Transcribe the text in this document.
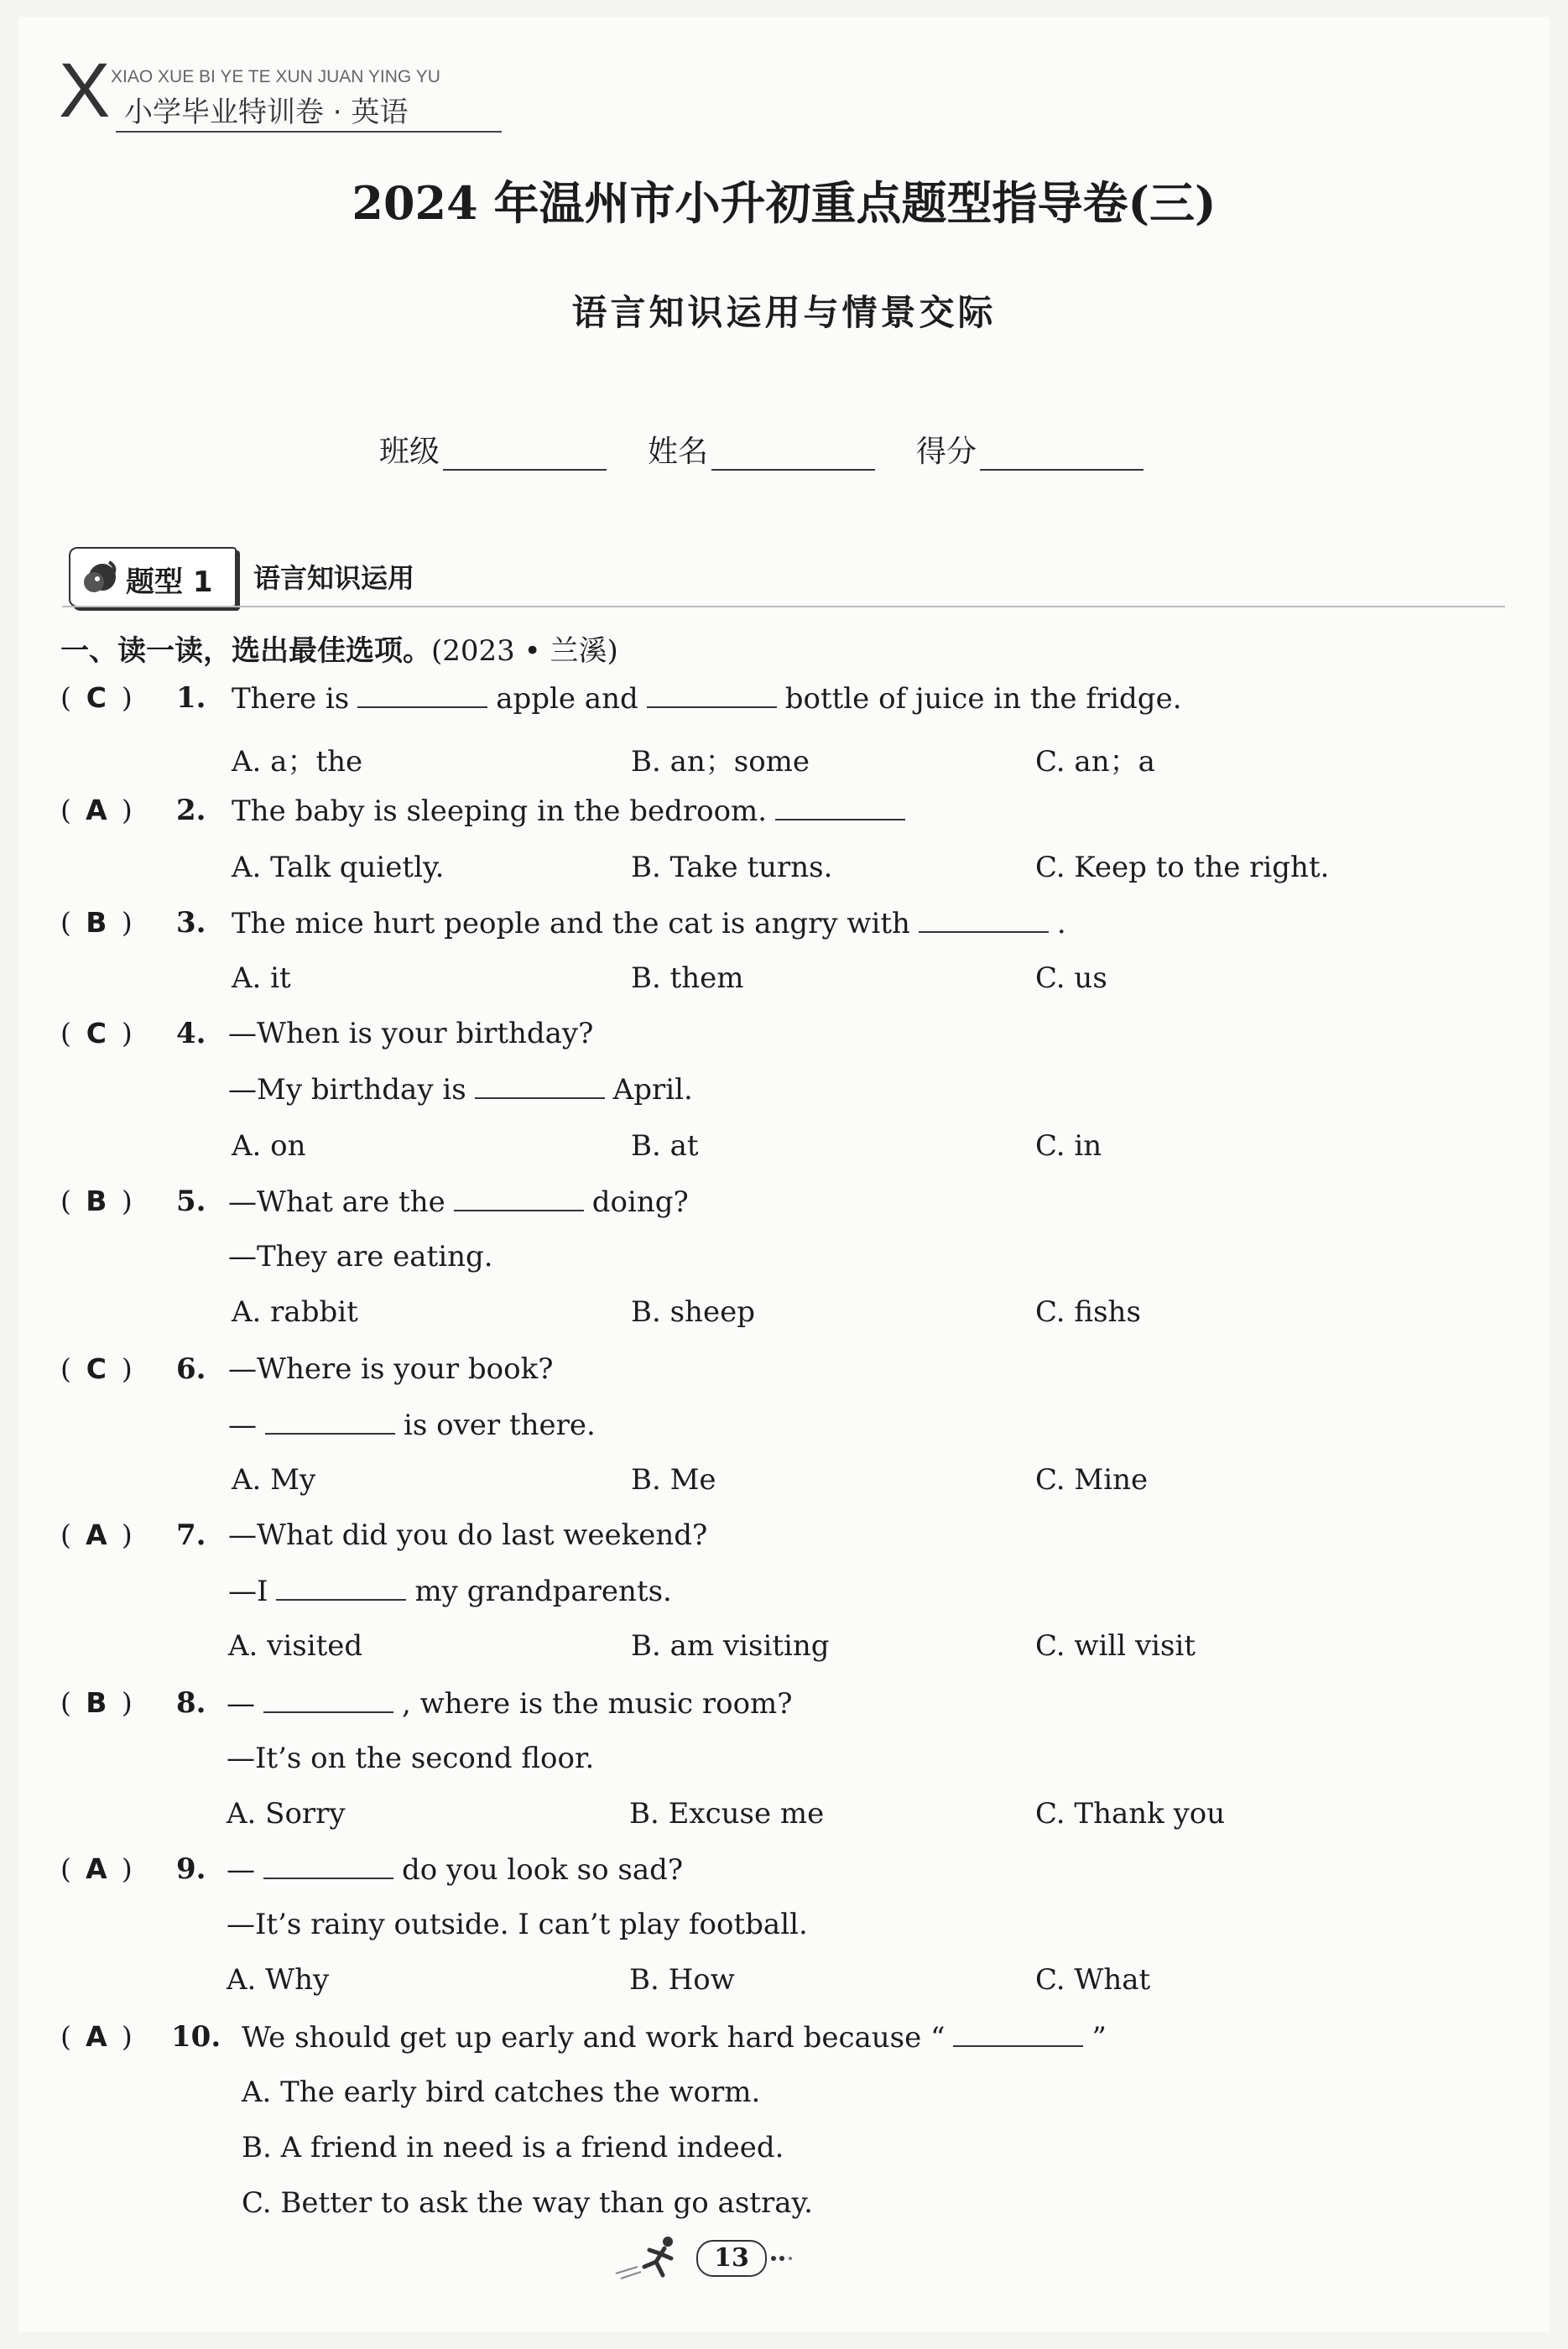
X XIAO XUE BI YE TE XUN JUAN YING YU
小学毕业特训卷 · 英语
2024 年温州市小升初重点题型指导卷(三)
语言知识运用与情景交际
班级	姓名	得分
题型 1 语言知识运用
一、读一读，选出最佳选项。(2023 • 兰溪)
( C ) 1. There is	apple and	bottle of juice in the fridge.
A. a；the	B. an；some	C. an；a
( A ) 2. The baby is sleeping in the bedroom.
A. Talk quietly.	B. Take turns.	C. Keep to the right.
( B ) 3. The mice hurt people and the cat is angry with	.
A. it	B. them	C. us
( C ) 4. —When is your birthday?
—My birthday is	April.
A. on	B. at	C. in
( B ) 5. —What are the	doing?
—They are eating.
A. rabbit	B. sheep	C. fishs
( C ) 6. —Where is your book?
—	is over there.
A. My	B. Me	C. Mine
( A ) 7. —What did you do last weekend?
—I	my grandparents.
A. visited	B. am visiting	C. will visit
( B ) 8. —	, where is the music room?
—It’s on the second floor.
A. Sorry	B. Excuse me	C. Thank you
( A ) 9. —	do you look so sad?
—It’s rainy outside. I can’t play football.
A. Why	B. How	C. What
( A ) 10. We should get up early and work hard because “	”
A. The early bird catches the worm.
B. A friend in need is a friend indeed.
C. Better to ask the way than go astray.
13
